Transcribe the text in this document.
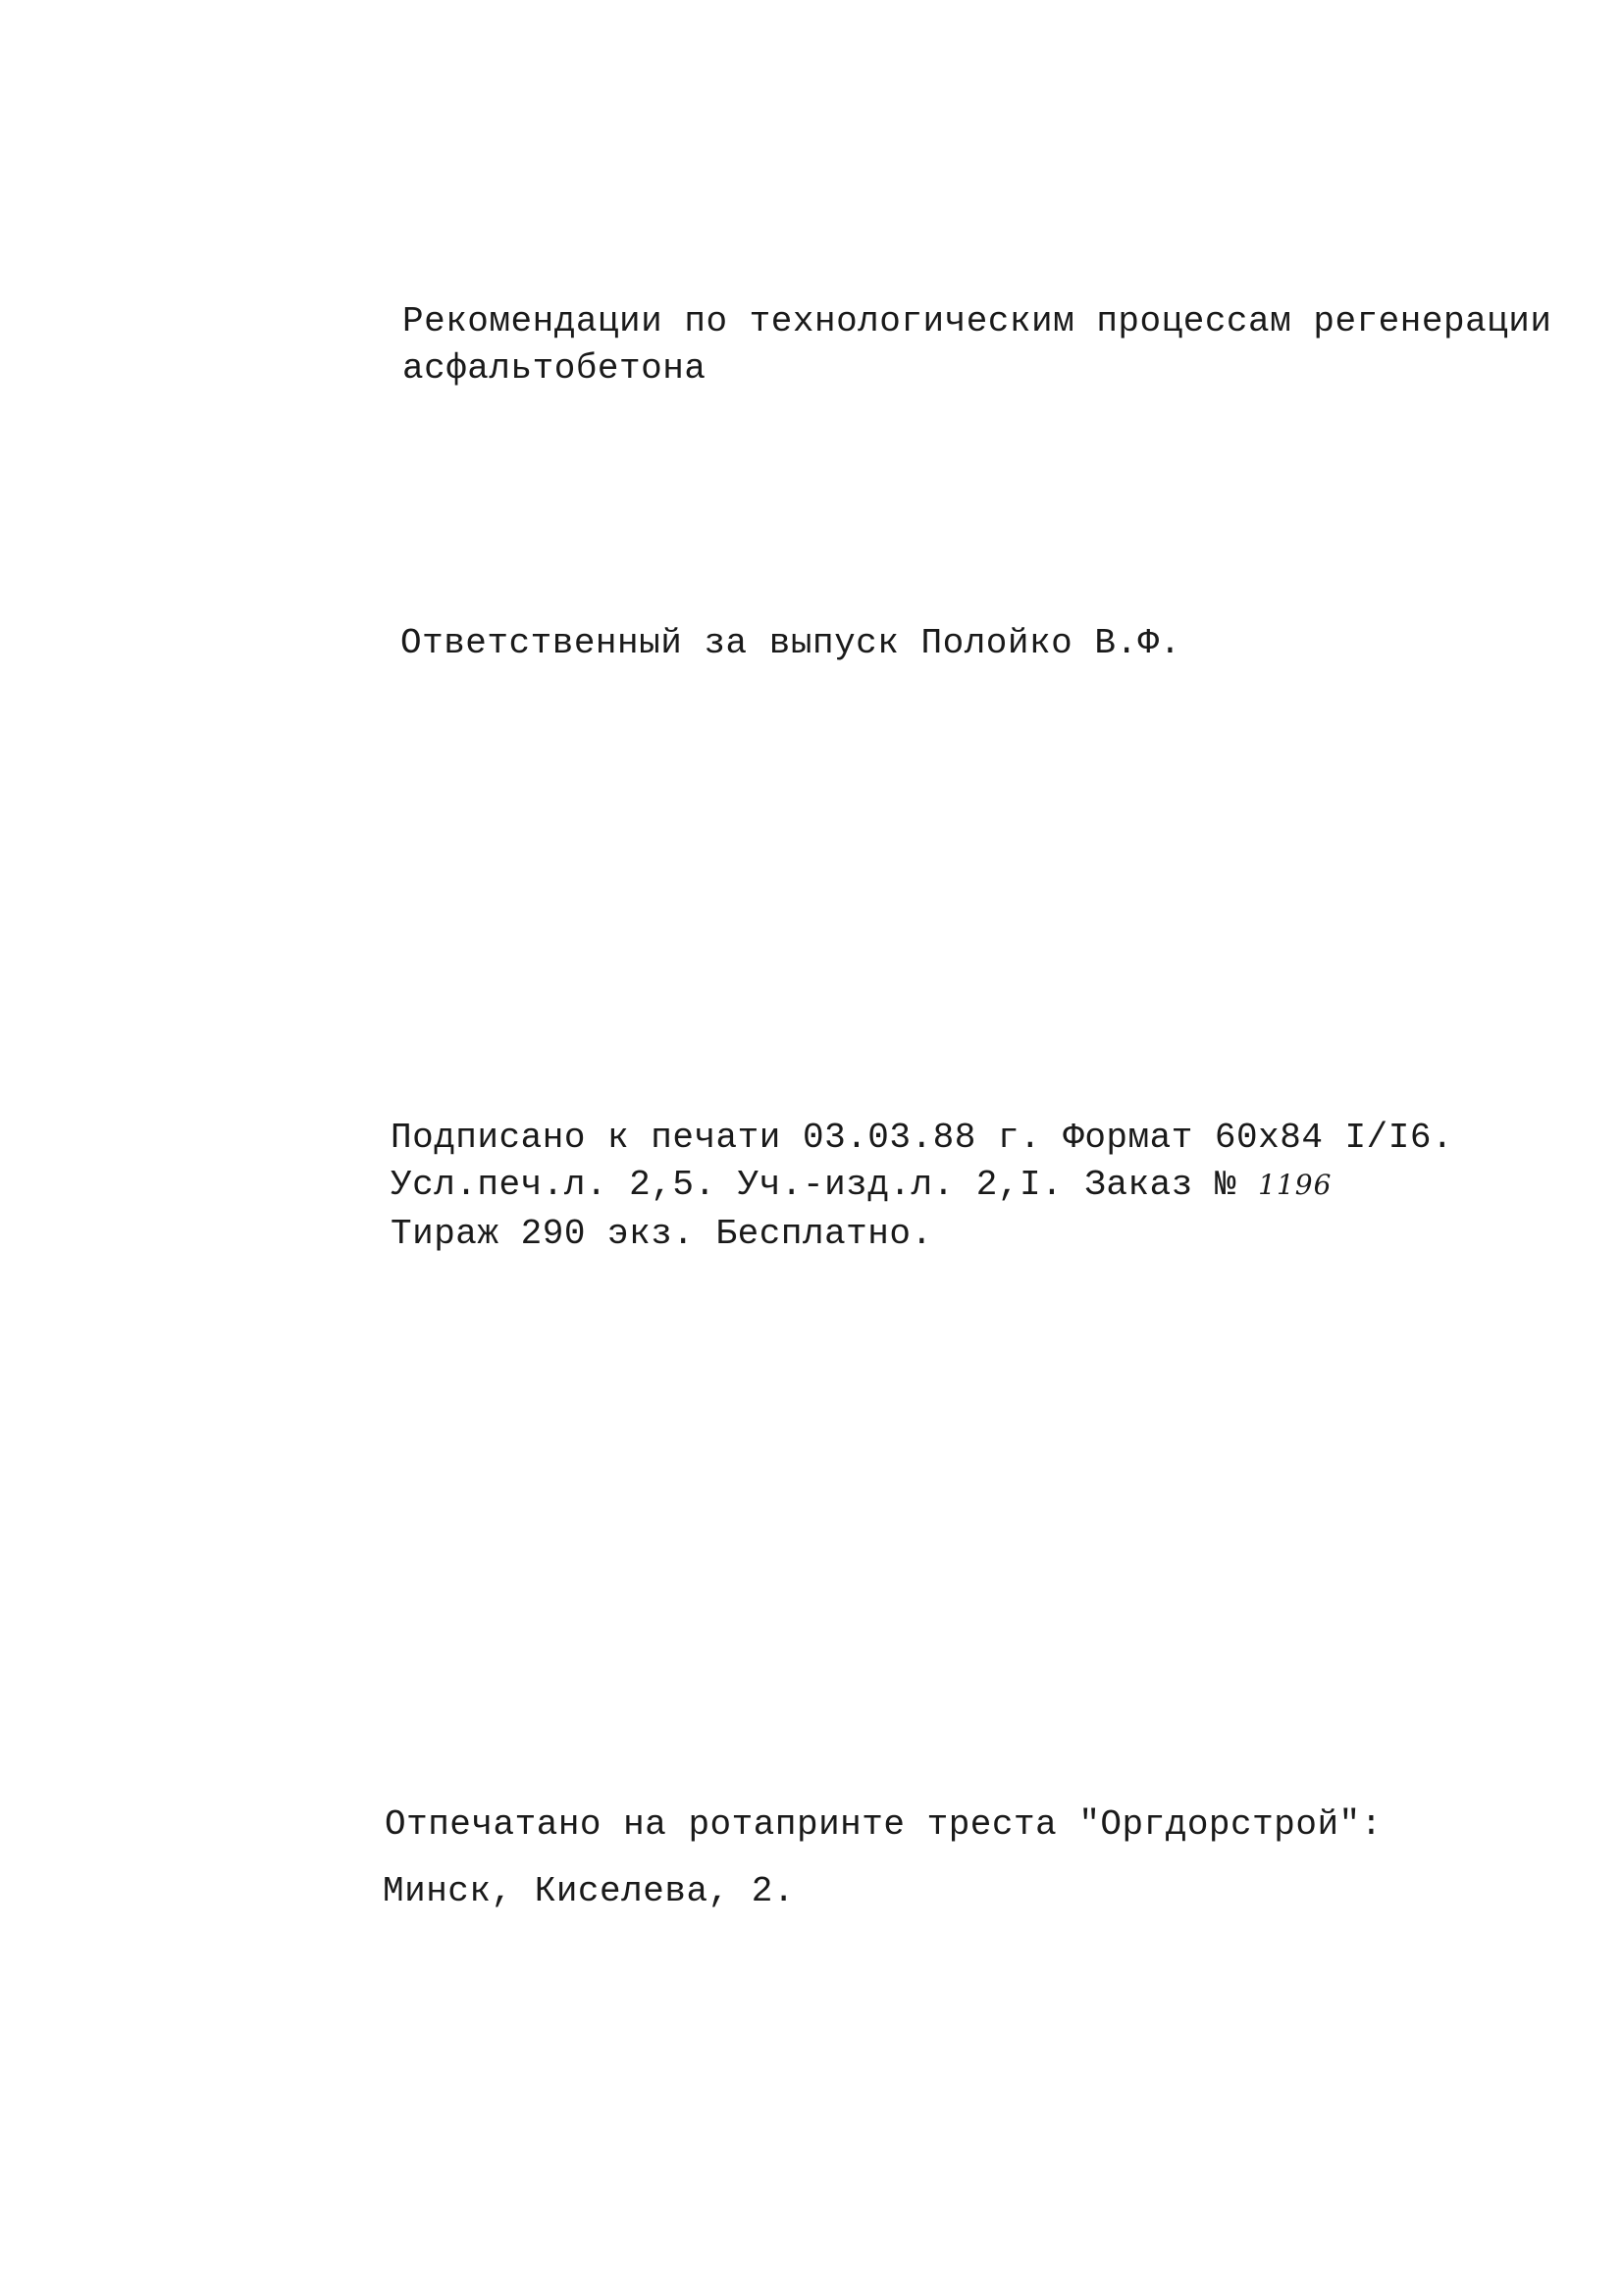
Рекомендации по технологическим процессам регенерации
асфальтобетона
Ответственный за выпуск Полойко В.Ф.
Подписано к печати 03.03.88 г. Формат 60х84 I/I6.
Усл.печ.л. 2,5. Уч.-изд.л. 2,I. Заказ № 1196
Тираж 290 экз. Бесплатно.
Отпечатано на ротапринте треста "Оргдорстрой":
Минск, Киселева, 2.
